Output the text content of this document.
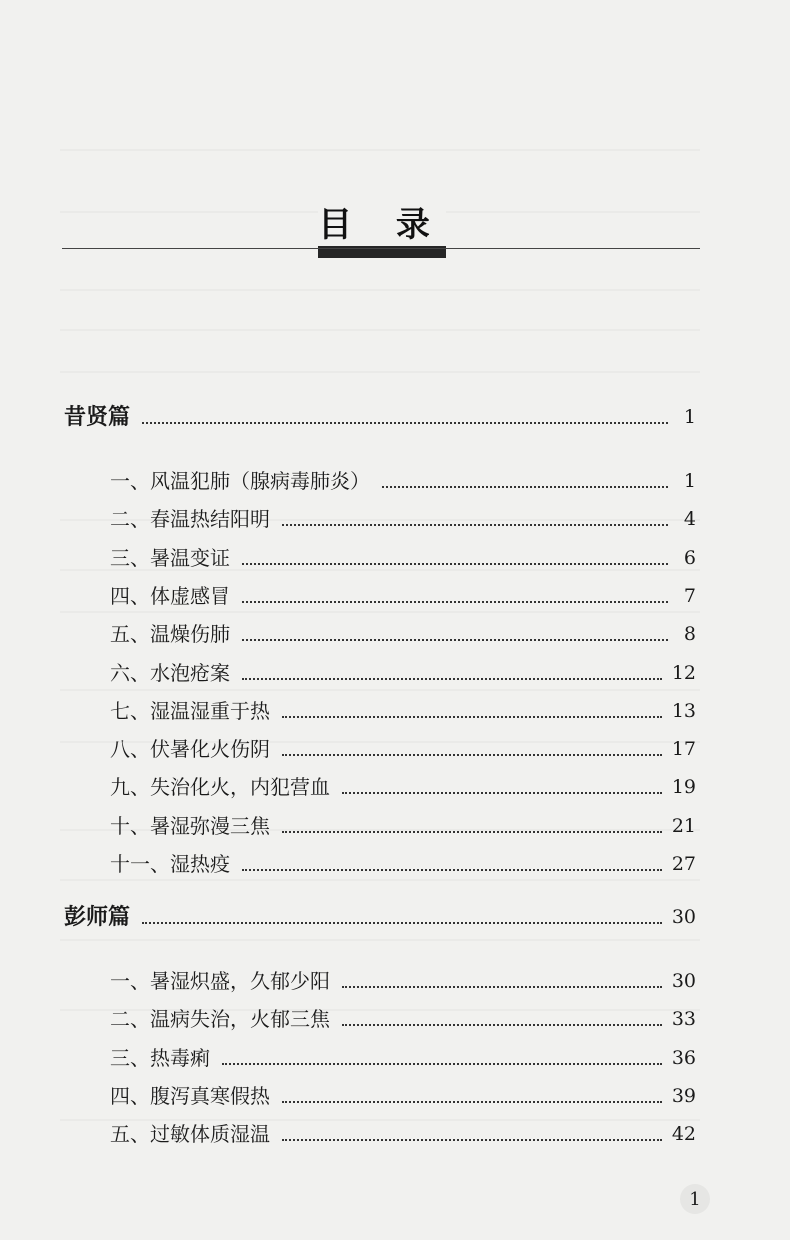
目 录
昔贤篇	1
一、风温犯肺（腺病毒肺炎）	1
二、春温热结阳明	4
三、暑温变证	6
四、体虚感冒	7
五、温燥伤肺	8
六、水泡疮案	12
七、湿温湿重于热	13
八、伏暑化火伤阴	17
九、失治化火，内犯营血	19
十、暑湿弥漫三焦	21
十一、湿热疫	27
彭师篇	30
一、暑湿炽盛，久郁少阳	30
二、温病失治，火郁三焦	33
三、热毒痢	36
四、腹泻真寒假热	39
五、过敏体质湿温	42
1
